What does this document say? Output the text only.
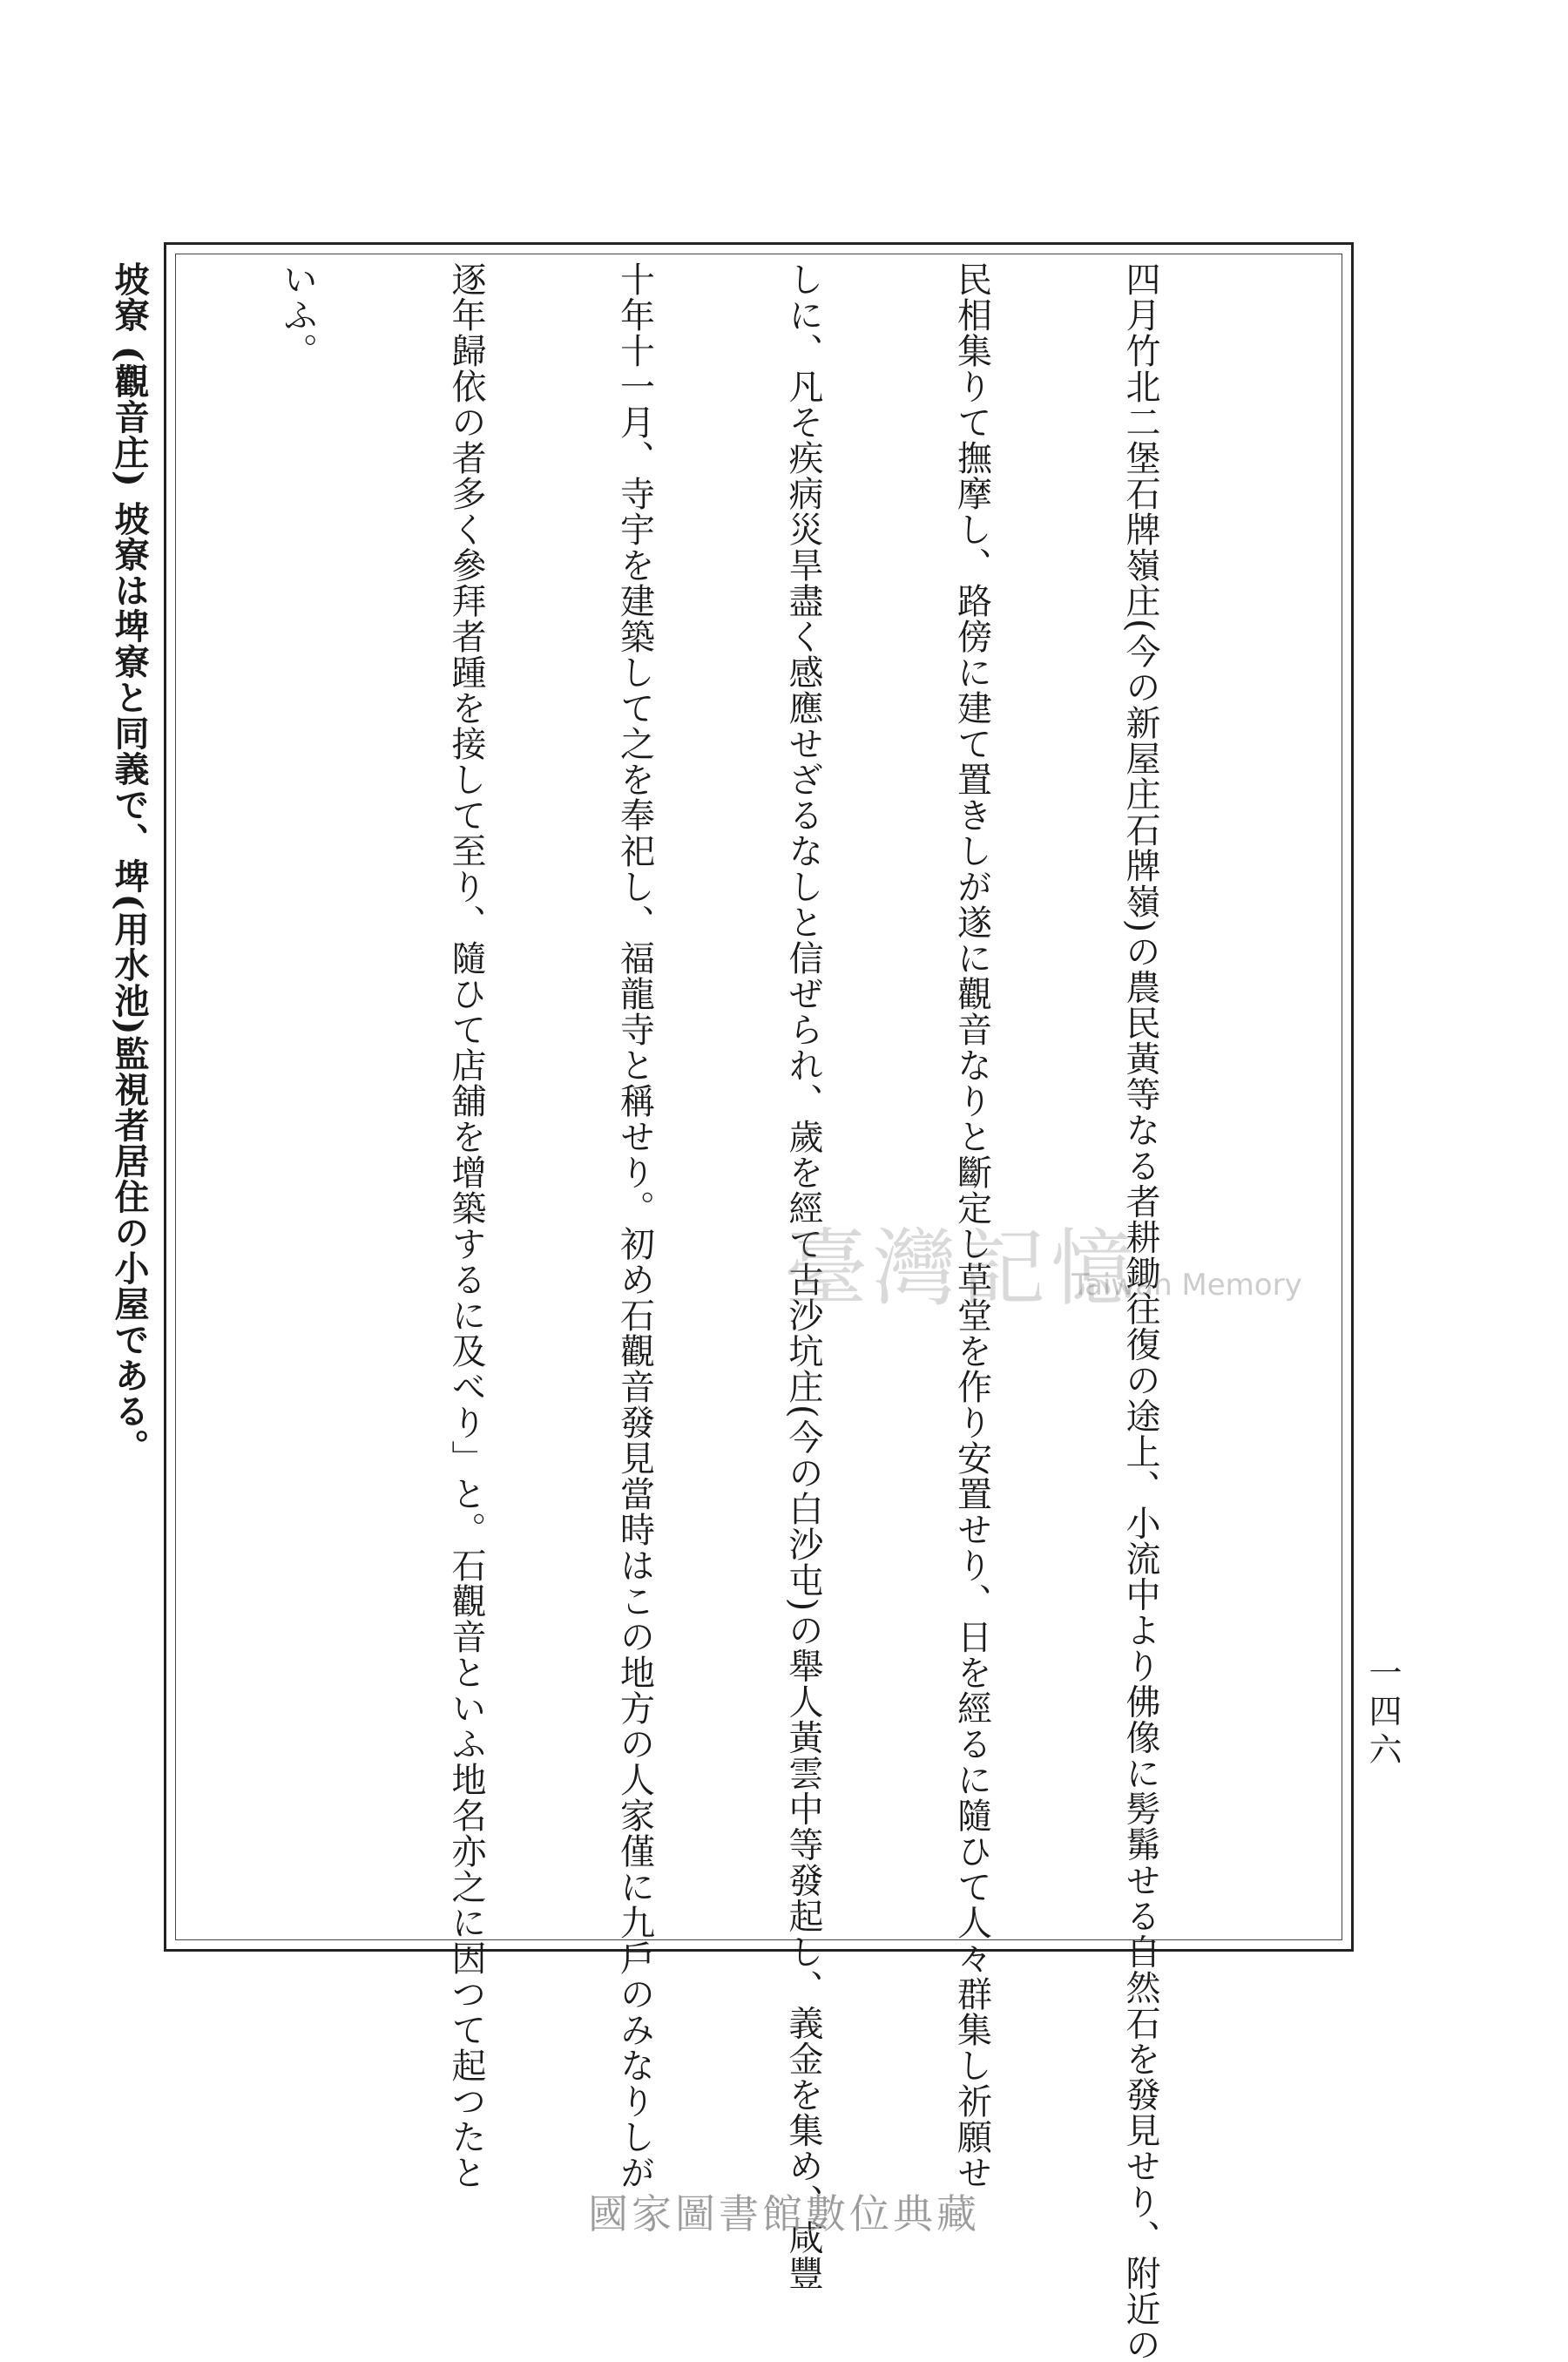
四月竹北二堡石牌嶺庄(今の新屋庄石牌嶺)の農民黃等なる者耕鋤往復の途上、小流中より佛像に髣髴せる自然石を發見せり、附近の

民相集りて撫摩し、路傍に建て置きしが遂に觀音なりと斷定し草堂を作り安置せり、日を經るに隨ひて人々群集し祈願せ

しに、凡そ疾病災旱盡く感應せざるなしと信ぜられ、歲を經て古沙坑庄(今の白沙屯)の舉人黃雲中等發起し、義金を集め、咸豐

十年十一月、寺宇を建築して之を奉祀し、福龍寺と稱せり。初め石觀音發見當時はこの地方の人家僅に九戶のみなりしが

逐年歸依の者多く參拜者踵を接して至り、隨ひて店舖を增築するに及べり」と。石觀音といふ地名亦之に因つて起つたと

いふ。

坡寮 (觀音庄) 坡寮は埤寮と同義で、埤(用水池)監視者居住の小屋である。

一四六
臺灣記憶
Taiwan Memory
國家圖書館數位典藏
